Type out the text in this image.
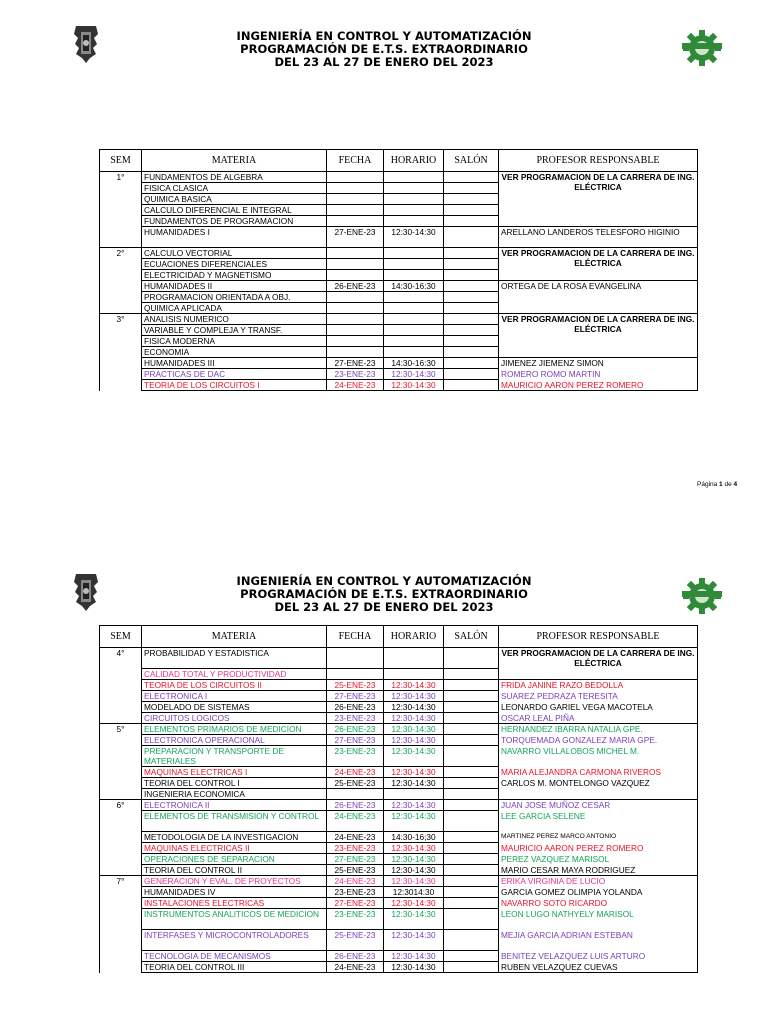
INGENIERÍA EN CONTROL Y AUTOMATIZACIÓN
PROGRAMACIÓN DE E.T.S. EXTRAORDINARIO
DEL 23 AL 27 DE ENERO DEL 2023
SEM	MATERIA	FECHA	HORARIO	SALÓN	PROFESOR RESPONSABLE
1°	FUNDAMENTOS DE ALGEBRA				VER PROGRAMACION DE LA CARRERA DE ING. ELÉCTRICA
	FISICA CLASICA				
	QUIMICA BASICA				
	CALCULO DIFERENCIAL E INTEGRAL				
	FUNDAMENTOS DE PROGRAMACION				
	HUMANIDADES I	27-ENE-23	12:30-14:30		ARELLANO LANDEROS TELESFORO HIGINIO
2°	CALCULO VECTORIAL				VER PROGRAMACION DE LA CARRERA DE ING. ELÉCTRICA
	ECUACIONES DIFERENCIALES				
	ELECTRICIDAD Y MAGNETISMO				
	HUMANIDADES II	26-ENE-23	14:30-16:30		ORTEGA DE LA ROSA EVANGELINA
	PROGRAMACION ORIENTADA A OBJ.				
	QUIMICA APLICADA				
3°	ANALISIS NUMERICO				VER PROGRAMACION DE LA CARRERA DE ING. ELÉCTRICA
	VARIABLE Y COMPLEJA Y TRANSF.				
	FISICA MODERNA				
	ECONOMIA				
	HUMANIDADES III	27-ENE-23	14:30-16:30		JIMENEZ JIEMENZ SIMON
	PRACTICAS DE DAC	23-ENE-23	12:30-14:30		ROMERO ROMO MARTIN
	TEORIA DE LOS CIRCUITOS I	24-ENE-23	12:30-14:30		MAURICIO AARON PEREZ ROMERO
Página 1 de 4
INGENIERÍA EN CONTROL Y AUTOMATIZACIÓN
PROGRAMACIÓN DE E.T.S. EXTRAORDINARIO
DEL 23 AL 27 DE ENERO DEL 2023
SEM	MATERIA	FECHA	HORARIO	SALÓN	PROFESOR RESPONSABLE
4°	PROBABILIDAD Y ESTADISTICA				VER PROGRAMACION DE LA CARRERA DE ING. ELÉCTRICA
	CALIDAD TOTAL Y PRODUCTIVIDAD				
	TEORIA DE LOS CIRCUITOS II	25-ENE-23	12:30-14:30		FRIDA JANINE RAZO BEDOLLA
	ELECTRONICA I	27-ENE-23	12:30-14:30		SUAREZ PEDRAZA TERESITA
	MODELADO DE SISTEMAS	26-ENE-23	12:30-14:30		LEONARDO GARIEL VEGA MACOTELA
	CIRCUITOS LOGICOS	23-ENE-23	12:30-14:30		OSCAR LEAL PIÑA
5°	ELEMENTOS PRIMARIOS DE MEDICION	26-ENE-23	12:30-14:30		HERNANDEZ IBARRA NATALIA GPE.
	ELECTRONICA OPERACIONAL	27-ENE-23	12:30-14:30		TORQUEMADA GONZALEZ MARIA GPE.
	PREPARACION Y TRANSPORTE DE MATERIALES	23-ENE-23	12:30-14:30		NAVARRO VILLALOBOS MICHEL M.
	MAQUINAS ELECTRICAS I	24-ENE-23	12:30-14:30		MARIA ALEJANDRA CARMONA RIVEROS
	TEORIA DEL CONTROL I	25-ENE-23	12:30-14:30		CARLOS M. MONTELONGO VAZQUEZ
	INGENIERIA ECONOMICA				
6°	ELECTRONICA II	26-ENE-23	12:30-14:30		JUAN JOSE MUÑOZ CESAR
	ELEMENTOS DE TRANSMISION Y CONTROL	24-ENE-23	12:30-14:30		LEE GARCIA SELENE
	METODOLOGIA DE LA INVESTIGACION	24-ENE-23	14:30-16;30		MARTINEZ PEREZ MARCO ANTONIO
	MAQUINAS ELECTRICAS II	23-ENE-23	12:30-14:30		MAURICIO AARON PEREZ ROMERO
	OPERACIONES DE SEPARACION	27-ENE-23	12:30-14:30		PEREZ VAZQUEZ MARISOL
	TEORIA DEL CONTROL II	25-ENE-23	12:30-14:30		MARIO CESAR MAYA RODRIGUEZ
7°	GENERACION Y EVAL. DE PROYECTOS	24-ENE-23	12:30-14:30		ERIKA VIRGINIA DE LUCIO
	HUMANIDADES IV	23-ENE-23	12:3014:30		GARCIA GOMEZ OLIMPIA YOLANDA
	INSTALACIONES ELECTRICAS	27-ENE-23	12:30-14:30		NAVARRO SOTO RICARDO
	INSTRUMENTOS ANALITICOS DE MEDICION	23-ENE-23	12:30-14:30		LEON LUGO NATHYELY MARISOL
	INTERFASES Y MICROCONTROLADORES	25-ENE-23	12:30-14:30		MEJIA GARCIA ADRIAN ESTEBAN
	TECNOLOGIA DE MECANISMOS	26-ENE-23	12:30-14:30		BENITEZ VELAZQUEZ LUIS ARTURO
	TEORIA DEL CONTROL III	24-ENE-23	12:30-14:30		RUBEN VELAZQUEZ CUEVAS
